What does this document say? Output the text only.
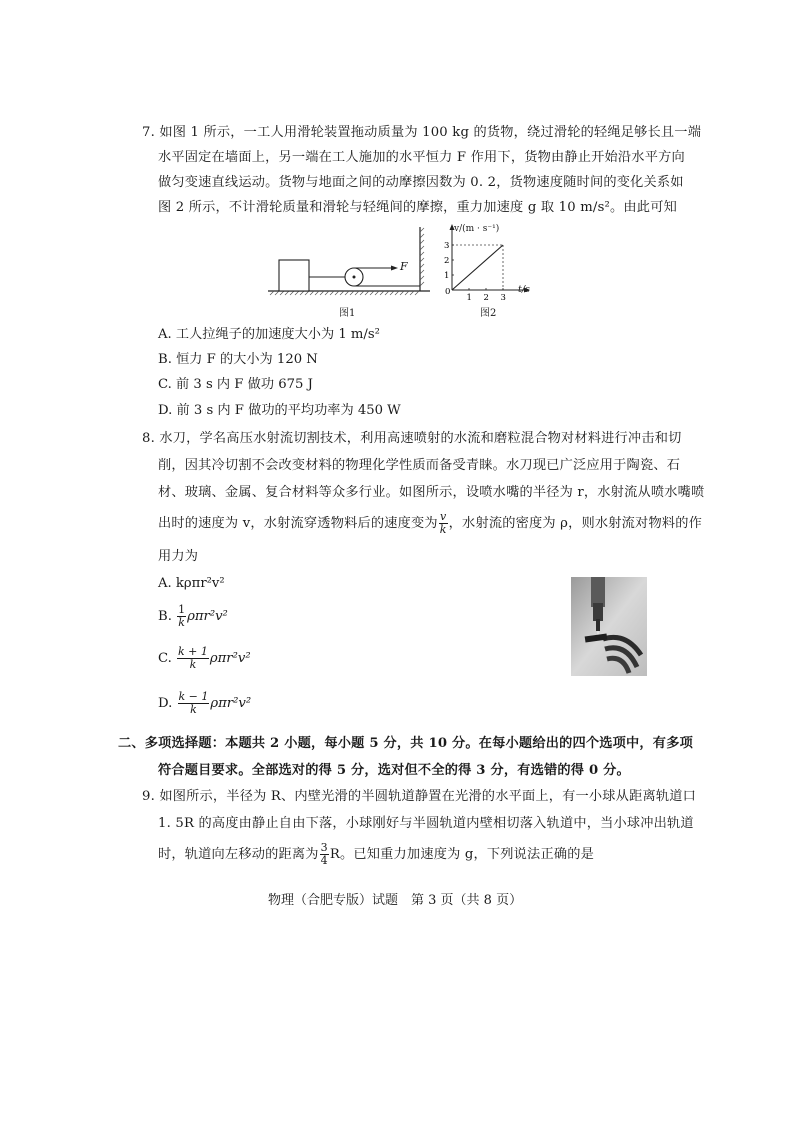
7. 如图 1 所示，一工人用滑轮装置拖动质量为 100 kg 的货物，绕过滑轮的轻绳足够长且一端
水平固定在墙面上，另一端在工人施加的水平恒力 F 作用下，货物由静止开始沿水平方向
做匀变速直线运动。货物与地面之间的动摩擦因数为 0. 2，货物速度随时间的变化关系如
图 2 所示，不计滑轮质量和滑轮与轻绳间的摩擦，重力加速度 g 取 10 m/s²。由此可知
F
图1
0
1 2 3
1
2
3
v/(m · s⁻¹)
t/s
图2
A. 工人拉绳子的加速度大小为 1 m/s²
B. 恒力 F 的大小为 120 N
C. 前 3 s 内 F 做功 675 J
D. 前 3 s 内 F 做功的平均功率为 450 W
8. 水刀，学名高压水射流切割技术，利用高速喷射的水流和磨粒混合物对材料进行冲击和切
削，因其冷切割不会改变材料的物理化学性质而备受青睐。水刀现已广泛应用于陶瓷、石
材、玻璃、金属、复合材料等众多行业。如图所示，设喷水嘴的半径为 r，水射流从喷水嘴喷
出时的速度为 v，水射流穿透物料后的速度变为 $\frac{v}{k}$ ，水射流的密度为 ρ，则水射流对物料的作
用力为
A. kρπr²v²
B. $\frac{1}{k} \rho\pi r^2v^2$
C. $\frac{k + 1}{k} \rho\pi r^2v^2$
D. $\frac{k - 1}{k} \rho\pi r^2v^2$
二、多项选择题：本题共 2 小题，每小题 5 分，共 10 分。在每小题给出的四个选项中，有多项
符合题目要求。全部选对的得 5 分，选对但不全的得 3 分，有选错的得 0 分。
9. 如图所示，半径为 R、内壁光滑的半圆轨道静置在光滑的水平面上，有一小球从距离轨道口
1. 5R 的高度由静止自由下落，小球刚好与半圆轨道内壁相切落入轨道中，当小球冲出轨道
时，轨道向左移动的距离为 $\frac{3}{4}$ R。已知重力加速度为 g，下列说法正确的是
物理（合肥专版）试题　第 3 页（共 8 页）
